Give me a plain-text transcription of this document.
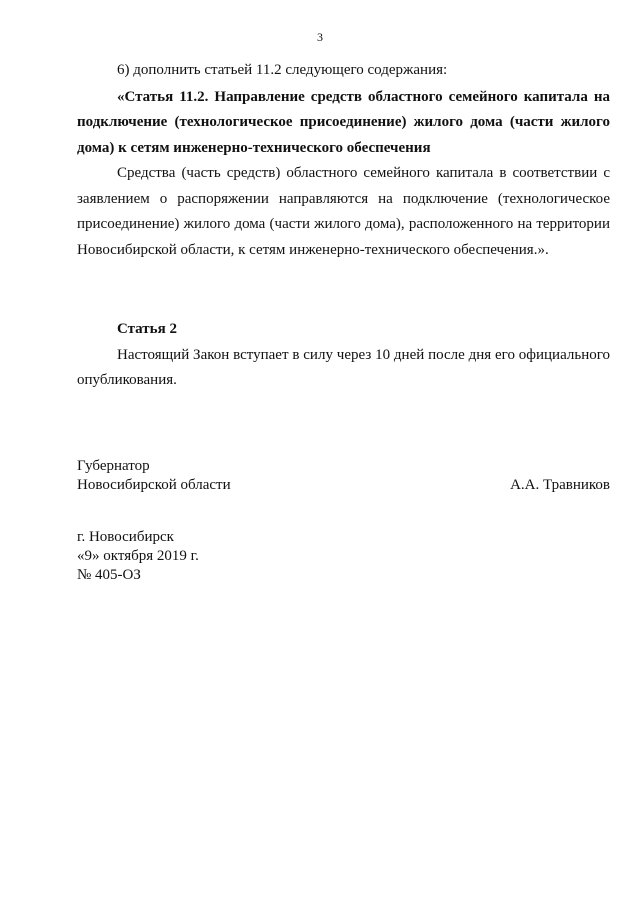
3

6) дополнить статьей 11.2 следующего содержания:

«Статья 11.2. Направление средств областного семейного капитала на подключение (технологическое присоединение) жилого дома (части жилого дома) к сетям инженерно-технического обеспечения

Средства (часть средств) областного семейного капитала в соответствии с заявлением о распоряжении направляются на подключение (технологическое присоединение) жилого дома (части жилого дома), расположенного на территории Новосибирской области, к сетям инженерно-технического обеспечения.».

Статья 2

Настоящий Закон вступает в силу через 10 дней после дня его официального опубликования.

Губернатор

Новосибирской области	А.А. Травников

г. Новосибирск

«9» октября 2019 г.

№ 405-ОЗ
